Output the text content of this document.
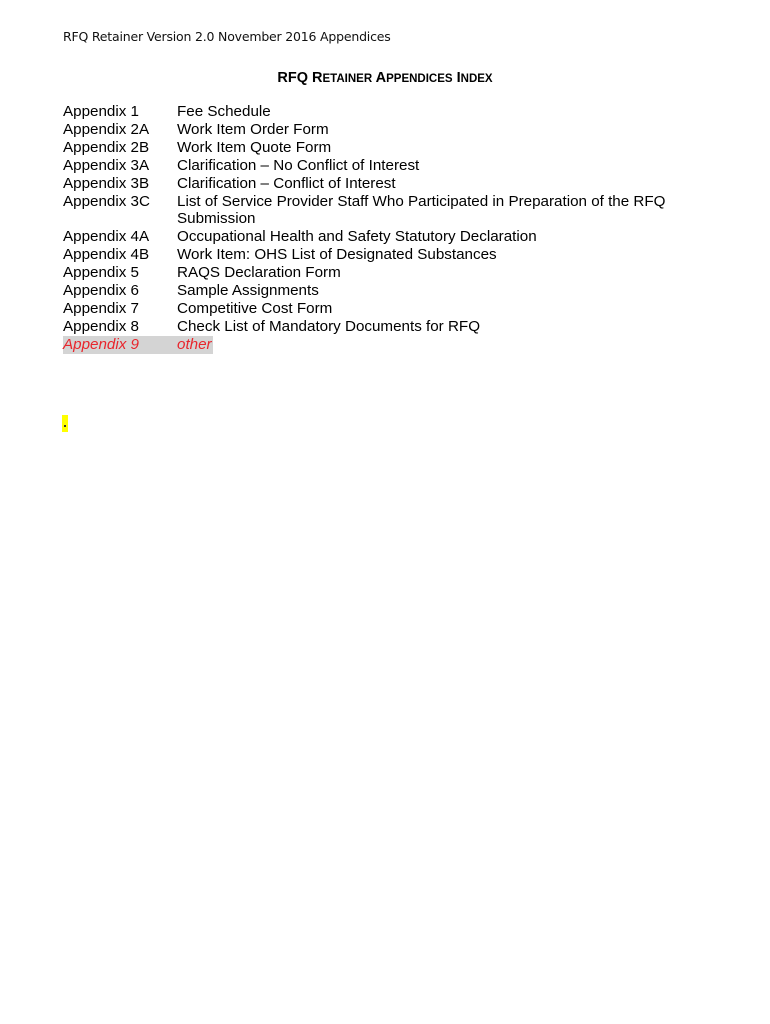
RFQ Retainer Version 2.0 November 2016 Appendices
RFQ RETAINER APPENDICES INDEX
Appendix 1	Fee Schedule
Appendix 2A	Work Item Order Form
Appendix 2B	Work Item Quote Form
Appendix 3A	Clarification – No Conflict of Interest
Appendix 3B	Clarification – Conflict of Interest
Appendix 3C	List of Service Provider Staff Who Participated in Preparation of the RFQ Submission
Appendix 4A	Occupational Health and Safety Statutory Declaration
Appendix 4B	Work Item: OHS List of Designated Substances
Appendix 5	RAQS Declaration Form
Appendix 6	Sample Assignments
Appendix 7	Competitive Cost Form
Appendix 8	Check List of Mandatory Documents for RFQ
Appendix 9	other
